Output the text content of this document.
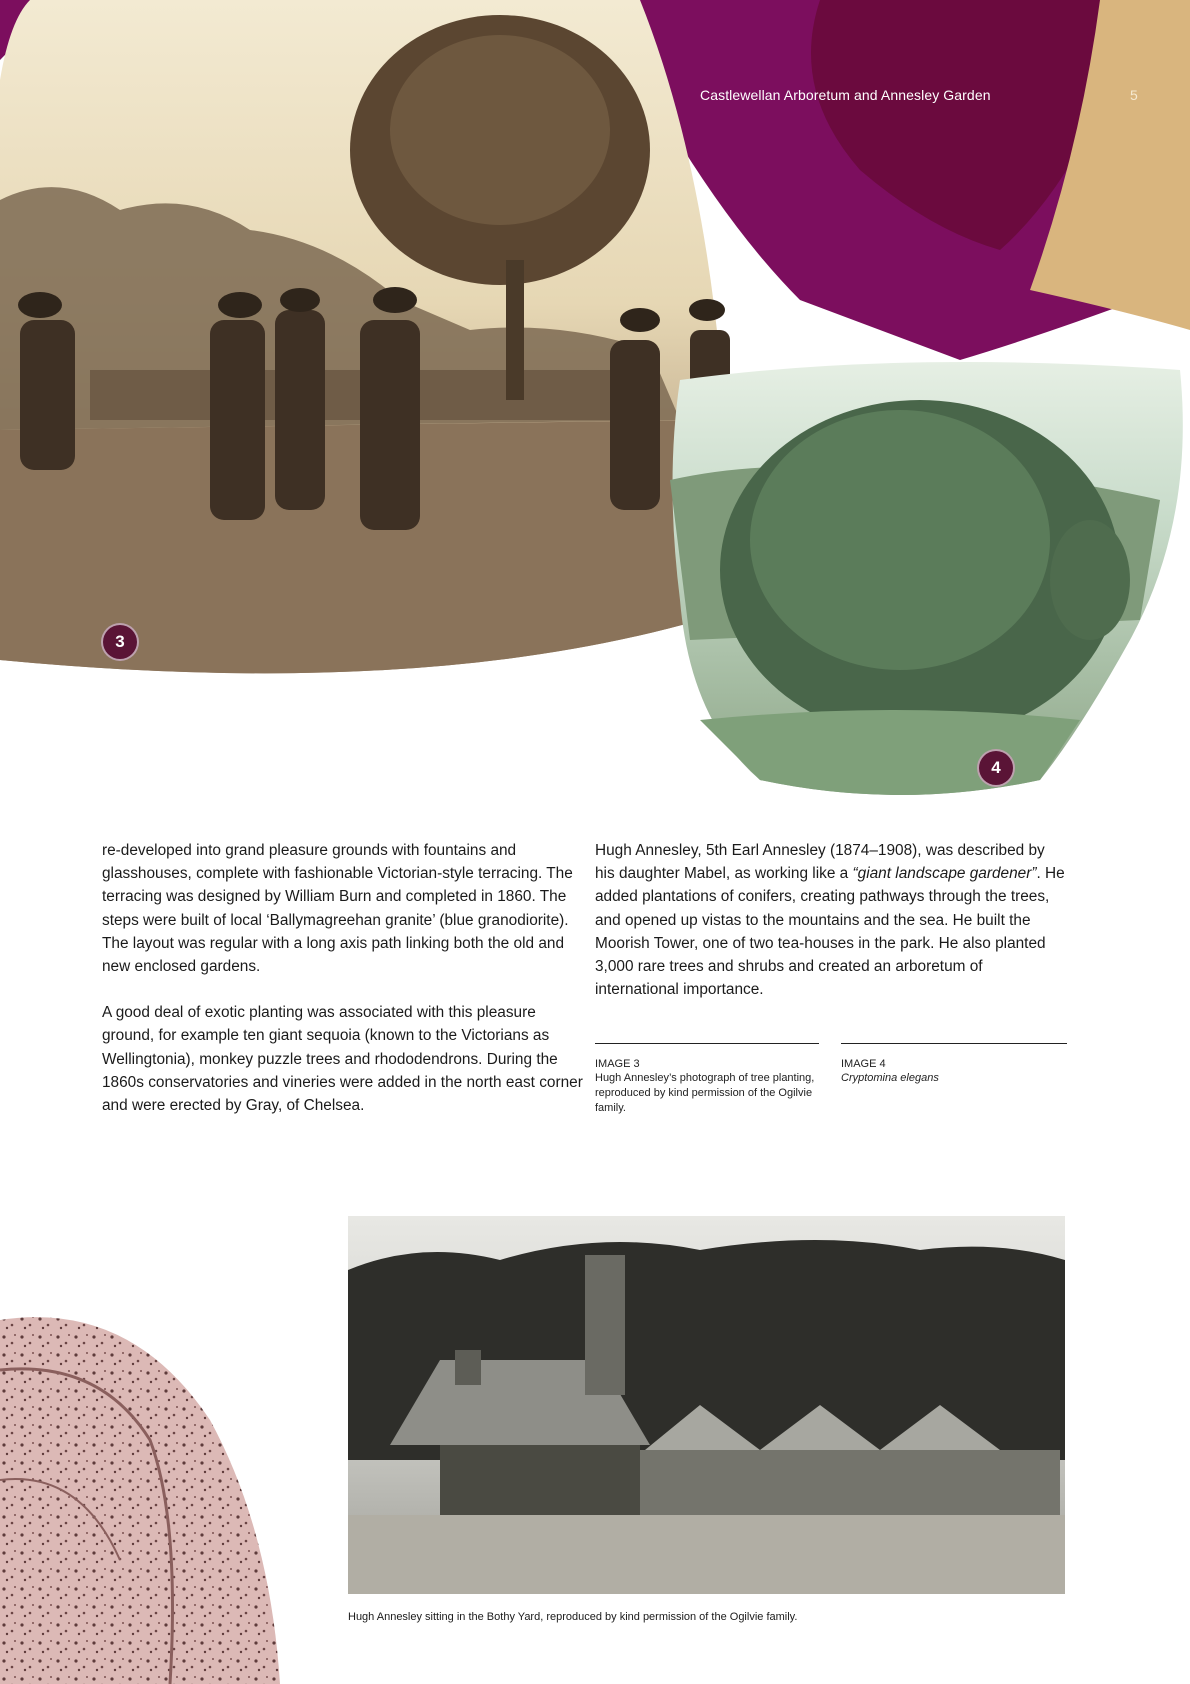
Castlewellan Arboretum and Annesley Garden	5
3
4

re-developed into grand pleasure grounds with fountains and glasshouses, complete with fashionable Victorian-style terracing. The terracing was designed by William Burn and completed in 1860. The steps were built of local ‘Ballymagreehan granite’ (blue granodiorite). The layout was regular with a long axis path linking both the old and new enclosed gardens.

A good deal of exotic planting was associated with this pleasure ground, for example ten giant sequoia (known to the Victorians as Wellingtonia), monkey puzzle trees and rhododendrons. During the 1860s conservatories and vineries were added in the north east corner and were erected by Gray, of Chelsea.

Hugh Annesley, 5th Earl Annesley (1874–1908), was described by his daughter Mabel, as working like a “giant landscape gardener”. He added plantations of conifers, creating pathways through the trees, and opened up vistas to the mountains and the sea. He built the Moorish Tower, one of two tea-houses in the park. He also planted 3,000 rare trees and shrubs and created an arboretum of international importance.

IMAGE 3
Hugh Annesley’s photograph of tree planting, reproduced by kind permission of the Ogilvie family.
IMAGE 4
Cryptomina elegans
Hugh Annesley sitting in the Bothy Yard, reproduced by kind permission of the Ogilvie family.
